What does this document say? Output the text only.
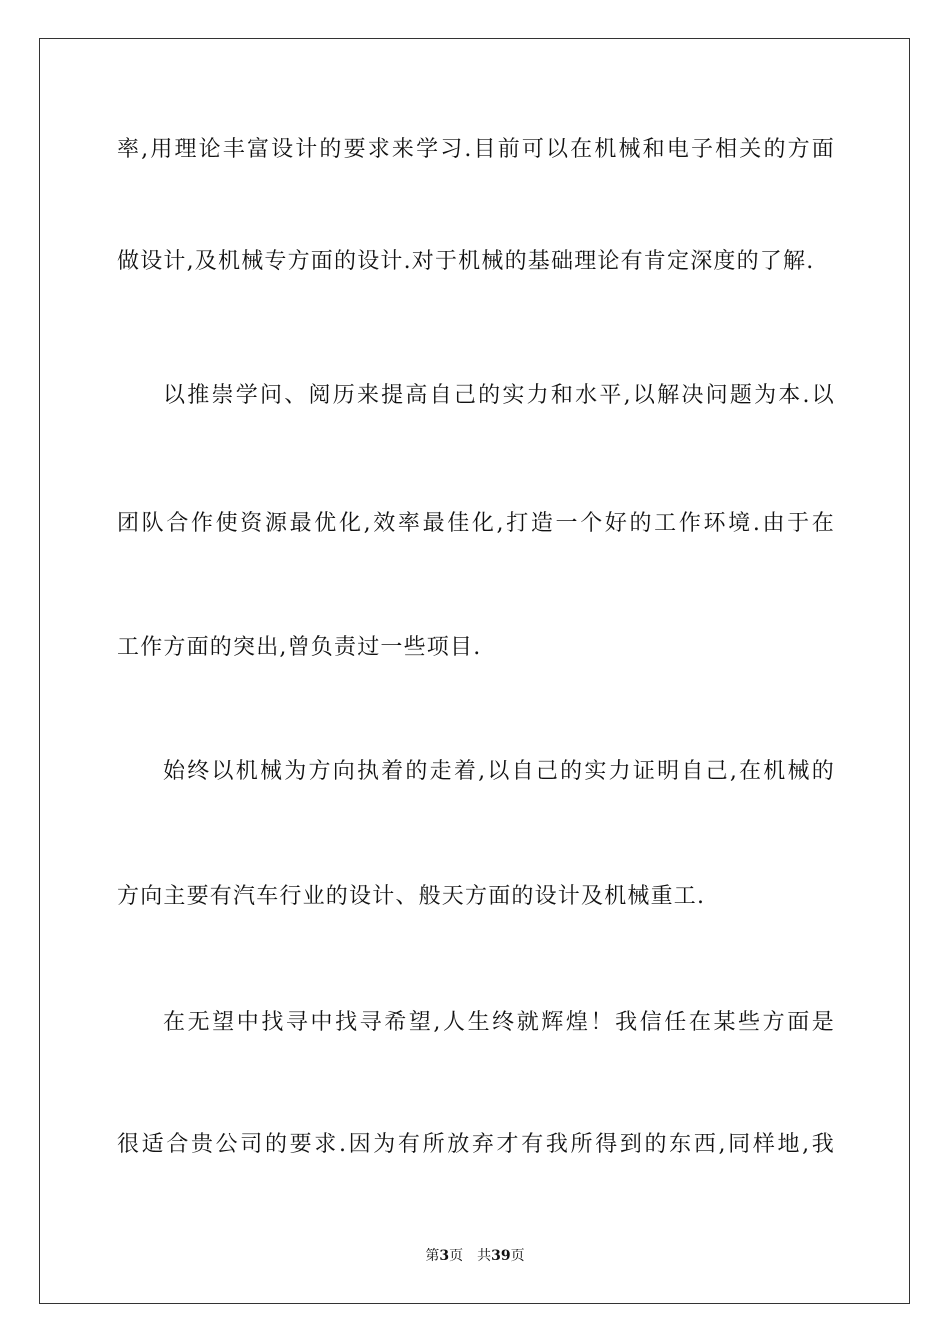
率,用理论丰富设计的要求来学习.目前可以在机械和电子相关的方面
做设计,及机械专方面的设计.对于机械的基础理论有肯定深度的了解.
以推崇学问、阅历来提高自己的实力和水平,以解决问题为本.以
团队合作使资源最优化,效率最佳化,打造一个好的工作环境.由于在
工作方面的突出,曾负责过一些项目.
始终以机械为方向执着的走着,以自己的实力证明自己,在机械的
方向主要有汽车行业的设计、般天方面的设计及机械重工.
在无望中找寻中找寻希望,人生终就辉煌！我信任在某些方面是
很适合贵公司的要求.因为有所放弃才有我所得到的东西,同样地,我
第3页 共39页
